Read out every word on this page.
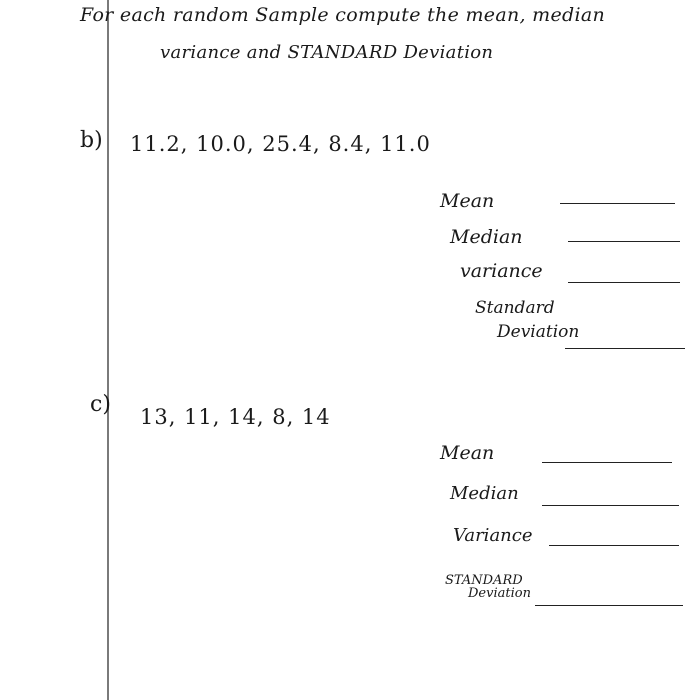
For each random Sample compute the mean, median
variance and STANDARD Deviation
b) 11.2, 10.0, 25.4, 8.4, 11.0
Mean
Median
variance
Standard
Deviation
c) 13, 11, 14, 8, 14
Mean
Median
Variance
STANDARD
Deviation
